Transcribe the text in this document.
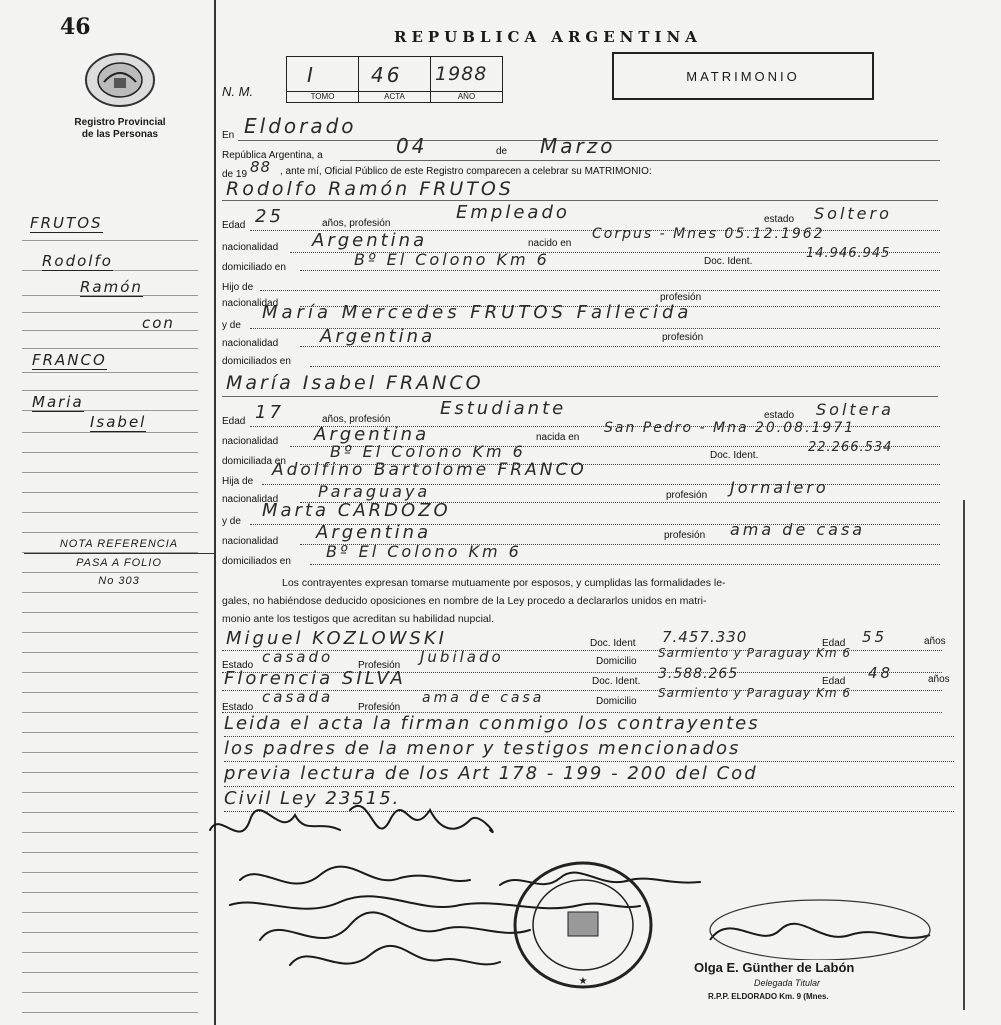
46
Registro Provincial
de las Personas
FRUTOS
Rodolfo
Ramón
con
FRANCO
Maria
Isabel
NOTA REFERENCIA
PASA A FOLIO
No 303
REPUBLICA ARGENTINA
N. M.
I
TOMO
46
ACTA
1988
AÑO
MATRIMONIO
En Eldorado
República Argentina, a	04	de Marzo
de 19 88 , ante mí, Oficial Público de este Registro comparecen a celebrar su MATRIMONIO:
Rodolfo Ramón FRUTOS
Edad 25	años, profesión
Empleado	estado Soltero
nacionalidad Argentina	nacido en
Corpus - Mnes 05.12.1962
domiciliado en	Bº El Colono Km 6	Doc. Ident.
14.946.945
Hijo de
nacionalidad
profesión
y de
María Mercedes FRUTOS Fallecida
nacionalidad Argentina	profesión
domiciliados en
María Isabel FRANCO
Edad 17	años, profesión
Estudiante	estado Soltera
nacionalidad Argentina	nacida en
San Pedro - Mna 20.08.1971
domiciliada en
Bº El Colono Km 6	Doc. Ident.
22.266.534
Hija de
Adolfino Bartolome FRANCO
nacionalidad Paraguaya	profesión Jornalero
y de
Marta CARDOZO
nacionalidad Argentina	profesión ama de casa
domiciliados en
Bº El Colono Km 6
Los contrayentes expresan tomarse mutuamente por esposos, y cumplidas las formalidades le-
gales, no habiéndose deducido oposiciones en nombre de la Ley procedo a declararlos unidos en matri-
monio ante los testigos que acreditan su habilidad nupcial.
Miguel KOZLOWSKI	Doc. Ident 7.457.330	Edad 55	años
Estado casado Profesión Jubilado	Domicilio
Sarmiento y Paraguay Km 6
Florencia SILVA	Doc. Ident. 3.588.265	Edad 48	años
Estado
casada
Profesión
ama de casa	Domicilio
Sarmiento y Paraguay Km 6
Leida el acta la firman conmigo los contrayentes
los padres de la menor y testigos mencionados
previa lectura de los Art 178 - 199 - 200 del Cod
Civil Ley 23515.
★
Olga E. Günther de Labón
Delegada Titular
R.P.P. ELDORADO Km. 9 (Mnes.
